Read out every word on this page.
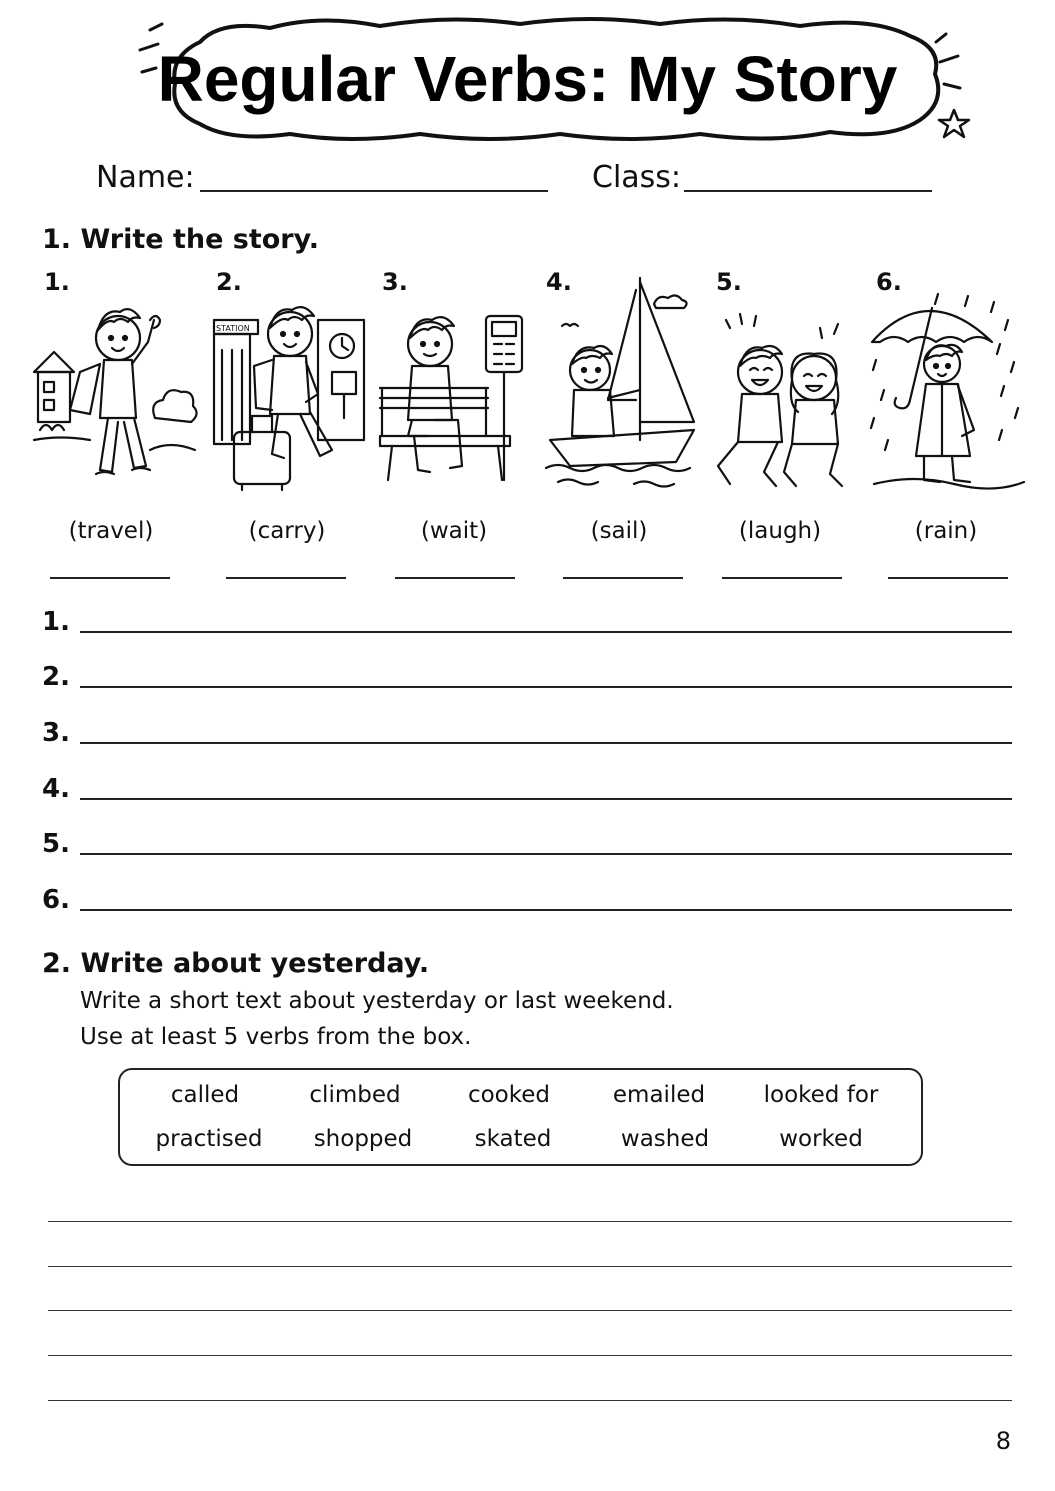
Regular Verbs: My Story
Name:	Class:
1. Write the story.
1.	2.	3.	4.	5.	6.
STATION
(travel)	(carry)	(wait)	(sail)	(laugh)	(rain)
1.
2.
3.
4.
5.
6.
2. Write about yesterday.
Write a short text about yesterday or last weekend.
Use at least 5 verbs from the box.
called	climbed	cooked	emailed	looked for
practised	shopped	skated	washed	worked
8
